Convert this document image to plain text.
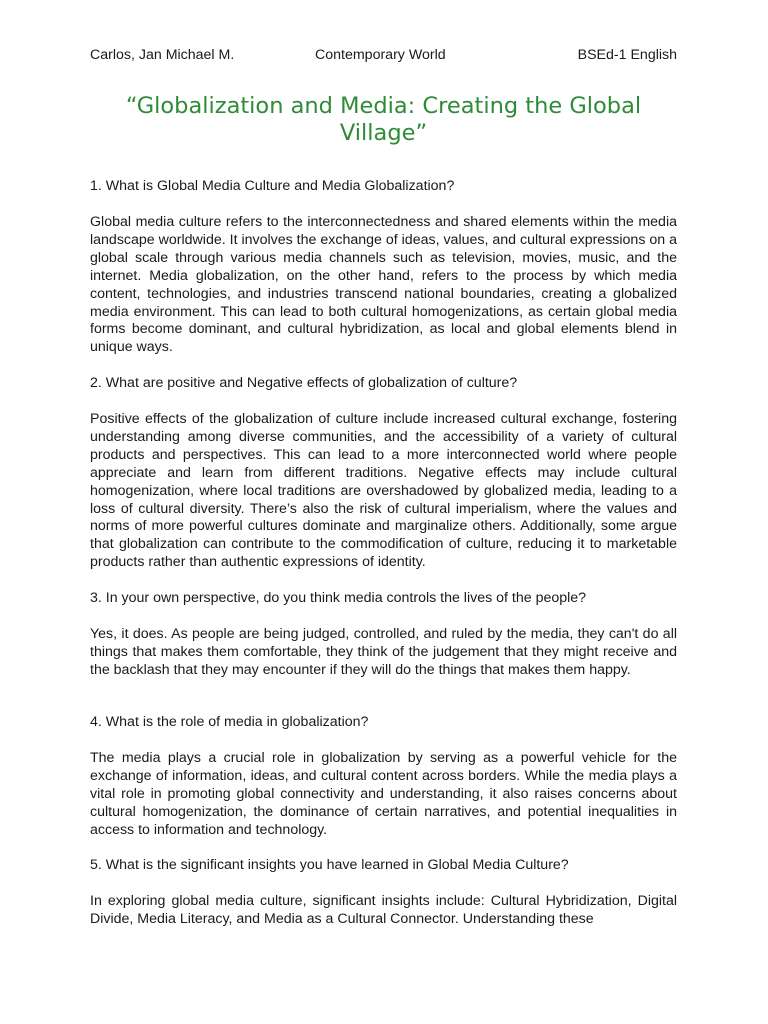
Carlos, Jan Michael M.	Contemporary World	BSEd-1 English
“Globalization and Media: Creating the Global Village”

1. What is Global Media Culture and Media Globalization?

Global media culture refers to the interconnectedness and shared elements within the media landscape worldwide. It involves the exchange of ideas, values, and cultural expressions on a global scale through various media channels such as television, movies, music, and the internet. Media globalization, on the other hand, refers to the process by which media content, technologies, and industries transcend national boundaries, creating a globalized media environment. This can lead to both cultural homogenizations, as certain global media forms become dominant, and cultural hybridization, as local and global elements blend in unique ways.

2. What are positive and Negative effects of globalization of culture?

Positive effects of the globalization of culture include increased cultural exchange, fostering understanding among diverse communities, and the accessibility of a variety of cultural products and perspectives. This can lead to a more interconnected world where people appreciate and learn from different traditions. Negative effects may include cultural homogenization, where local traditions are overshadowed by globalized media, leading to a loss of cultural diversity. There’s also the risk of cultural imperialism, where the values and norms of more powerful cultures dominate and marginalize others. Additionally, some argue that globalization can contribute to the commodification of culture, reducing it to marketable products rather than authentic expressions of identity.

3. In your own perspective, do you think media controls the lives of the people?

Yes, it does. As people are being judged, controlled, and ruled by the media, they can't do all things that makes them comfortable, they think of the judgement that they might receive and the backlash that they may encounter if they will do the things that makes them happy.

4. What is the role of media in globalization?

The media plays a crucial role in globalization by serving as a powerful vehicle for the exchange of information, ideas, and cultural content across borders. While the media plays a vital role in promoting global connectivity and understanding, it also raises concerns about cultural homogenization, the dominance of certain narratives, and potential inequalities in access to information and technology.

5. What is the significant insights you have learned in Global Media Culture?

In exploring global media culture, significant insights include: Cultural Hybridization, Digital Divide, Media Literacy, and Media as a Cultural Connector. Understanding these
